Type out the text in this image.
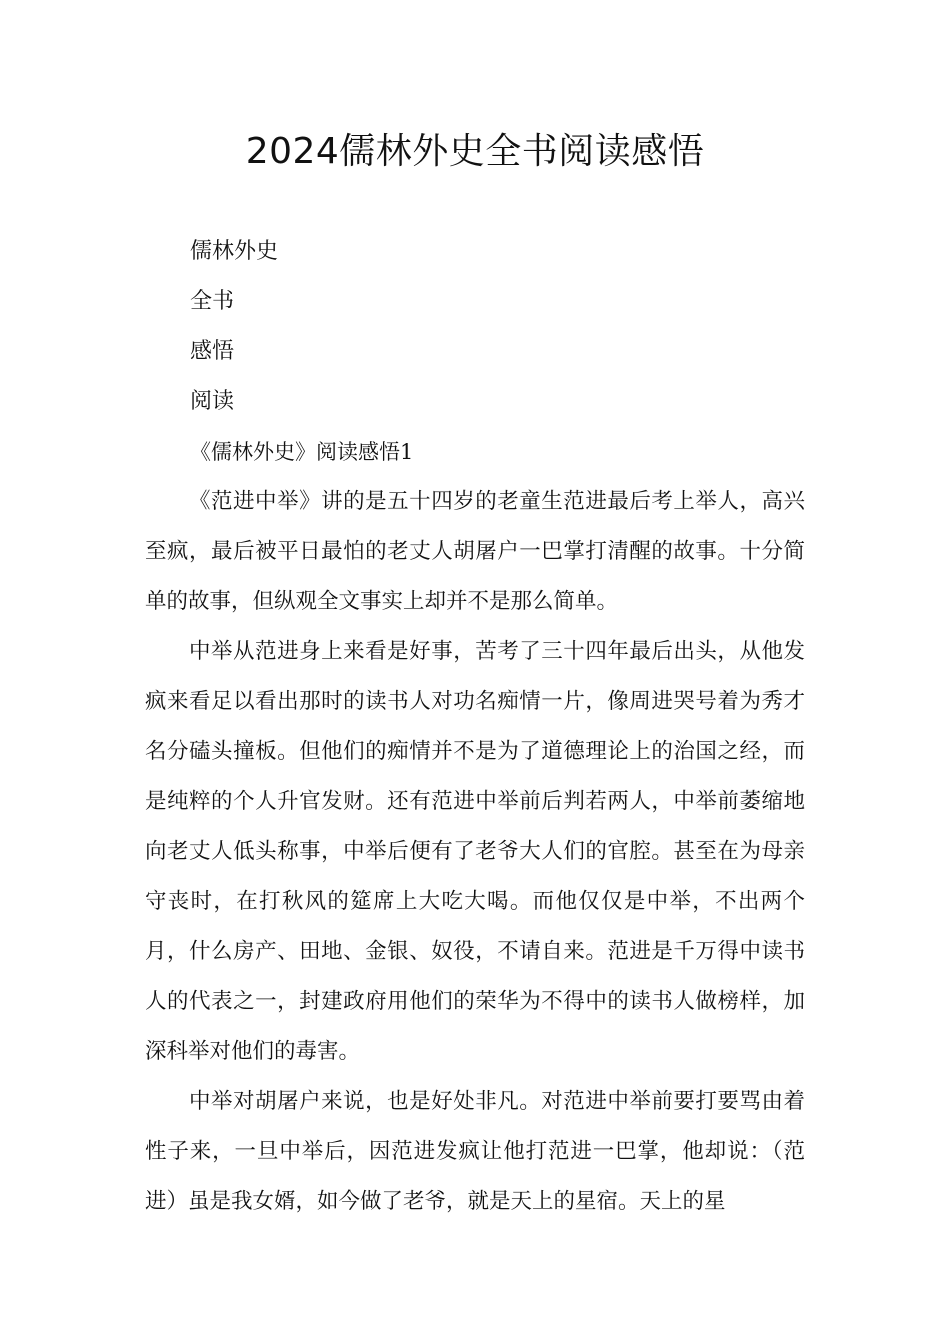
2024儒林外史全书阅读感悟
儒林外史
全书
感悟
阅读
《儒林外史》阅读感悟1

《范进中举》讲的是五十四岁的老童生范进最后考上举人，高兴至疯，最后被平日最怕的老丈人胡屠户一巴掌打清醒的故事。十分简单的故事，但纵观全文事实上却并不是那么简单。

中举从范进身上来看是好事，苦考了三十四年最后出头，从他发疯来看足以看出那时的读书人对功名痴情一片，像周进哭号着为秀才名分磕头撞板。但他们的痴情并不是为了道德理论上的治国之经，而是纯粹的个人升官发财。还有范进中举前后判若两人，中举前萎缩地向老丈人低头称事，中举后便有了老爷大人们的官腔。甚至在为母亲守丧时，在打秋风的筵席上大吃大喝。而他仅仅是中举，不出两个月，什么房产、田地、金银、奴役，不请自来。范进是千万得中读书人的代表之一，封建政府用他们的荣华为不得中的读书人做榜样，加深科举对他们的毒害。

中举对胡屠户来说，也是好处非凡。对范进中举前要打要骂由着性子来，一旦中举后，因范进发疯让他打范进一巴掌，他却说：（范进）虽是我女婿，如今做了老爷，就是天上的星宿。天上的星
